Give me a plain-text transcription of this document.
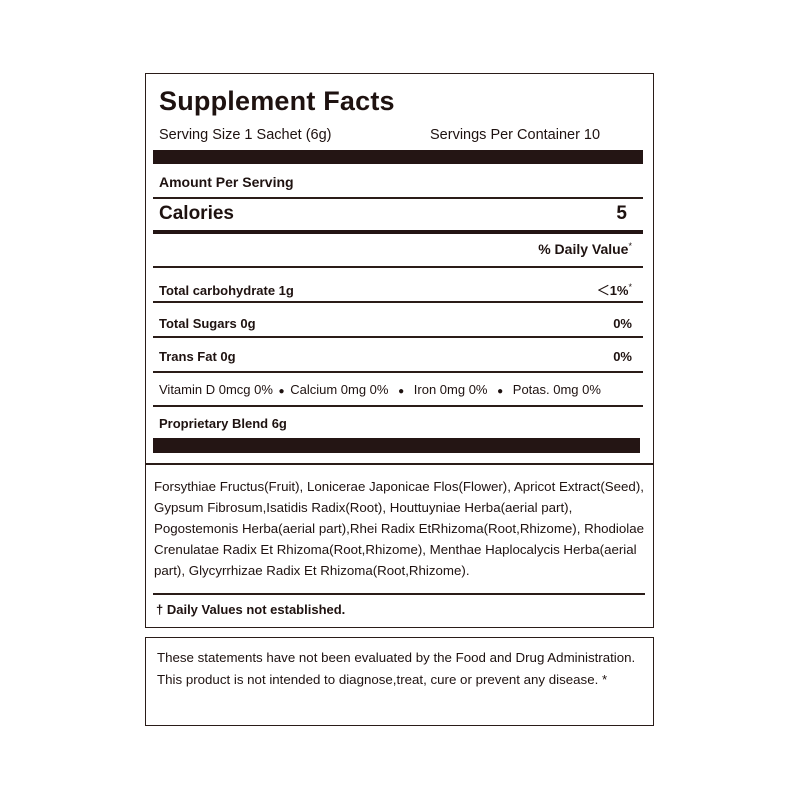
Supplement Facts
Serving Size 1 Sachet (6g)	Servings Per Container 10
Amount Per Serving
Calories	5
% Daily Value*
Total carbohydrate 1g	＜1%*
Total Sugars 0g	0%
Trans Fat 0g	0%
Vitamin D 0mcg 0% ● Calcium 0mg 0% ● Iron 0mg 0% ● Potas. 0mg 0%
Proprietary Blend 6g
Forsythiae Fructus(Fruit), Lonicerae Japonicae Flos(Flower), Apricot Extract(Seed), Gypsum Fibrosum,Isatidis Radix(Root), Houttuyniae Herba(aerial part), Pogostemonis Herba(aerial part),Rhei Radix EtRhizoma(Root,Rhizome), Rhodiolae Crenulatae Radix Et Rhizoma(Root,Rhizome), Menthae Haplocalycis Herba(aerial part), Glycyrrhizae Radix Et Rhizoma(Root,Rhizome).
† Daily Values not established.
These statements have not been evaluated by the Food and Drug Administration. This product is not intended to diagnose,treat, cure or prevent any disease. *
